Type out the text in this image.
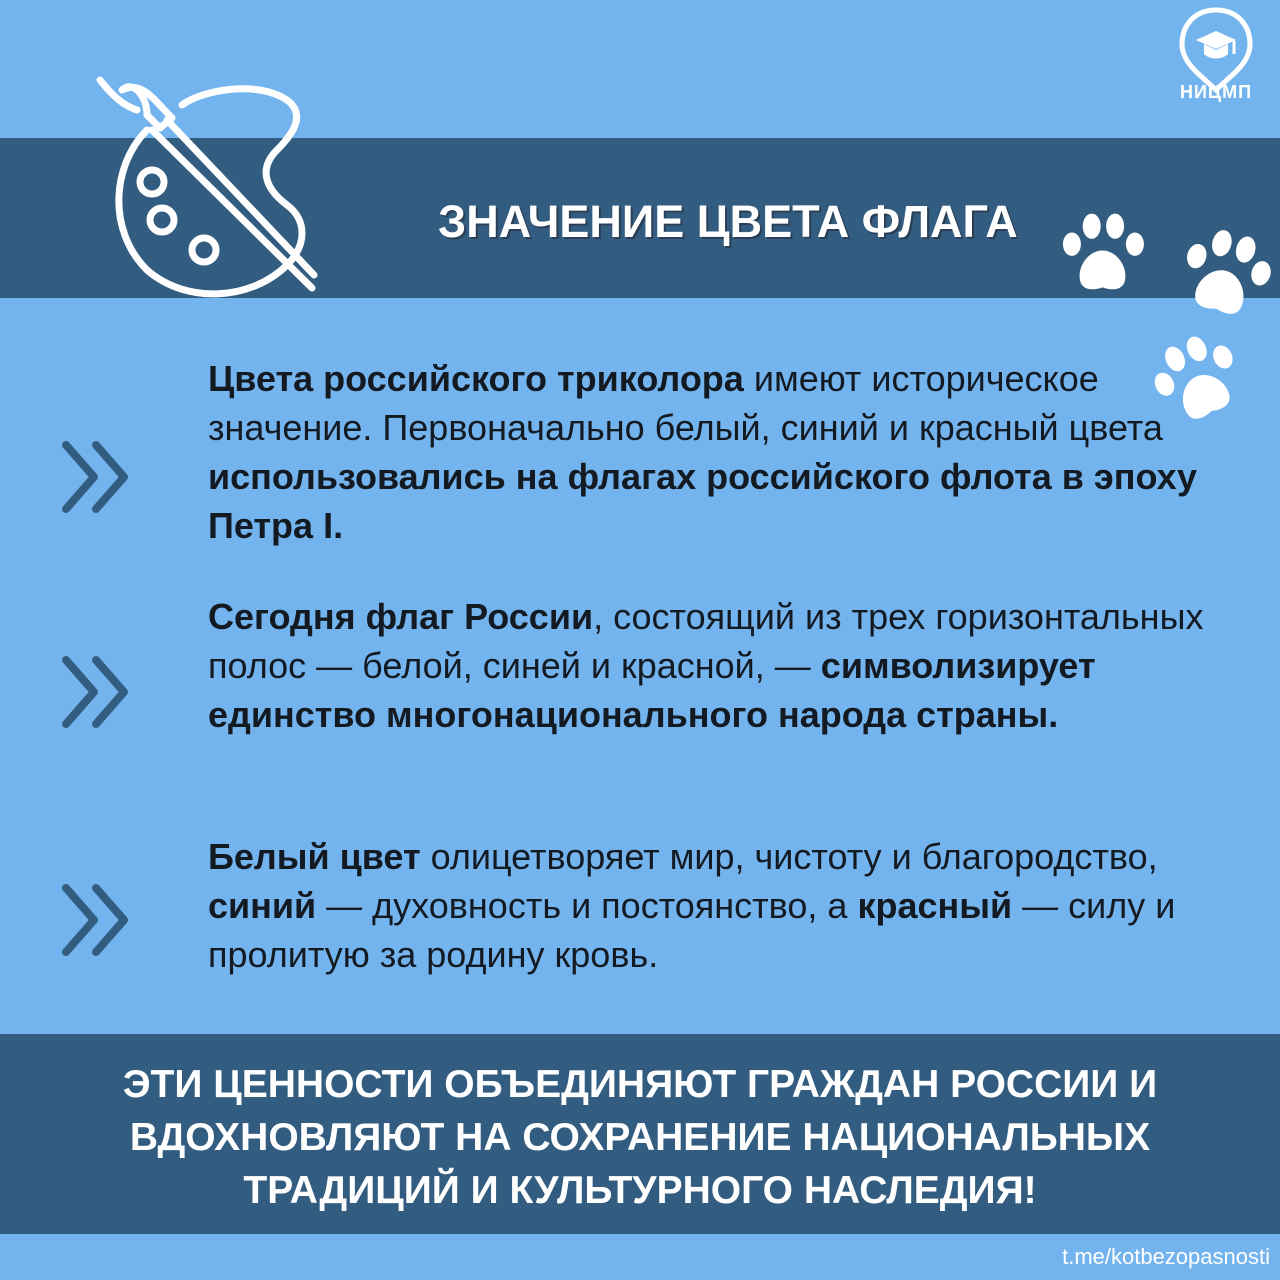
ЗНАЧЕНИЕ ЦВЕТА ФЛАГА
НИЦМП
Цвета российского триколора имеют историческое значение. Первоначально белый, синий и красный цвета использовались на флагах российского флота в эпоху Петра I.
Сегодня флаг России, состоящий из трех горизонтальных полос — белой, синей и красной, — символизирует единство многонационального народа страны.
Белый цвет олицетворяет мир, чистоту и благородство, синий — духовность и постоянство, а красный — силу и пролитую за родину кровь.
ЭТИ ЦЕННОСТИ ОБЪЕДИНЯЮТ ГРАЖДАН РОССИИ И ВДОХНОВЛЯЮТ НА СОХРАНЕНИЕ НАЦИОНАЛЬНЫХ ТРАДИЦИЙ И КУЛЬТУРНОГО НАСЛЕДИЯ!
t.me/kotbezopasnosti
